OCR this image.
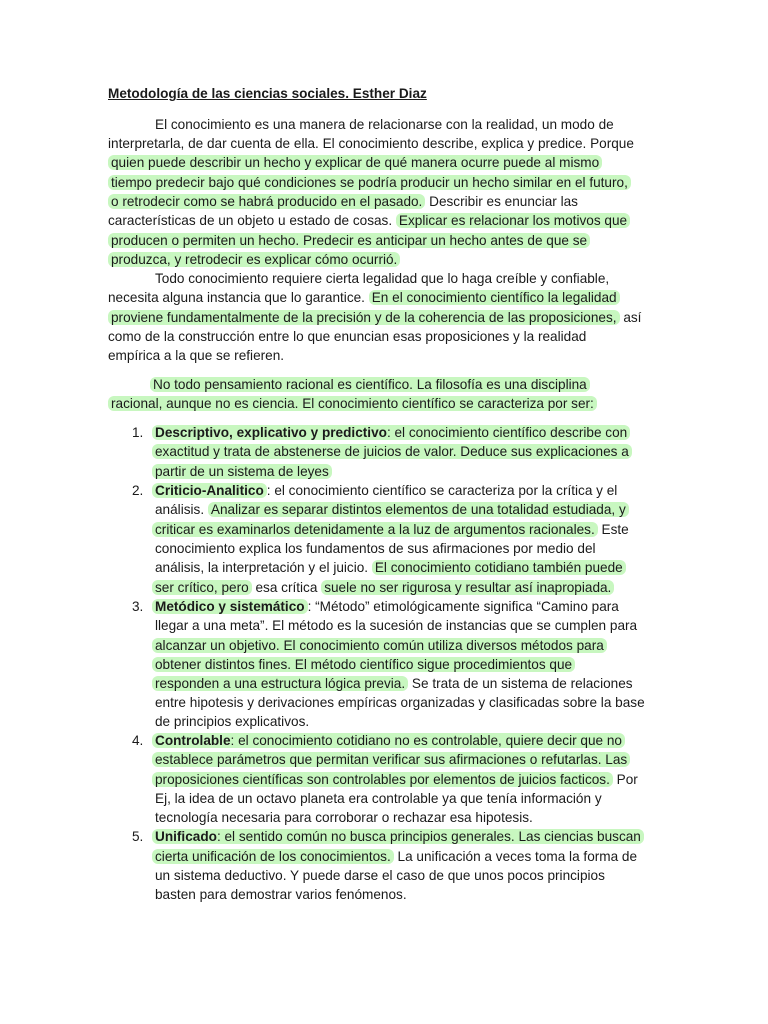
Metodología de las ciencias sociales. Esther Diaz
El conocimiento es una manera de relacionarse con la realidad, un modo de
interpretarla, de dar cuenta de ella. El conocimiento describe, explica y predice. Porque
quien puede describir un hecho y explicar de qué manera ocurre puede al mismo
tiempo predecir bajo qué condiciones se podría producir un hecho similar en el futuro,
o retrodecir como se habrá producido en el pasado. Describir es enunciar las
características de un objeto u estado de cosas. Explicar es relacionar los motivos que
producen o permiten un hecho. Predecir es anticipar un hecho antes de que se
produzca, y retrodecir es explicar cómo ocurrió.
Todo conocimiento requiere cierta legalidad que lo haga creíble y confiable,
necesita alguna instancia que lo garantice. En el conocimiento científico la legalidad
proviene fundamentalmente de la precisión y de la coherencia de las proposiciones, así
como de la construcción entre lo que enuncian esas proposiciones y la realidad
empírica a la que se refieren.
No todo pensamiento racional es científico. La filosofía es una disciplina
racional, aunque no es ciencia. El conocimiento científico se caracteriza por ser:
1.
2.
3.
4.
5.
Descriptivo, explicativo y predictivo: el conocimiento científico describe con
exactitud y trata de abstenerse de juicios de valor. Deduce sus explicaciones a
partir de un sistema de leyes
Criticio-Analitico : el conocimiento científico se caracteriza por la crítica y el
análisis. Analizar es separar distintos elementos de una totalidad estudiada, y
criticar es examinarlos detenidamente a la luz de argumentos racionales. Este
conocimiento explica los fundamentos de sus afirmaciones por medio del
análisis, la interpretación y el juicio. El conocimiento cotidiano también puede
ser crítico, pero esa crítica suele no ser rigurosa y resultar así inapropiada.
Metódico y sistemático : “Método” etimológicamente significa “Camino para
llegar a una meta”. El método es la sucesión de instancias que se cumplen para
alcanzar un objetivo. El conocimiento común utiliza diversos métodos para
obtener distintos fines. El método científico sigue procedimientos que
responden a una estructura lógica previa. Se trata de un sistema de relaciones
entre hipotesis y derivaciones empíricas organizadas y clasificadas sobre la base
de principios explicativos.
Controlable: el conocimiento cotidiano no es controlable, quiere decir que no
establece parámetros que permitan verificar sus afirmaciones o refutarlas. Las
proposiciones científicas son controlables por elementos de juicios facticos. Por
Ej, la idea de un octavo planeta era controlable ya que tenía información y
tecnología necesaria para corroborar o rechazar esa hipotesis.
Unificado: el sentido común no busca principios generales. Las ciencias buscan
cierta unificación de los conocimientos. La unificación a veces toma la forma de
un sistema deductivo. Y puede darse el caso de que unos pocos principios
basten para demostrar varios fenómenos.
